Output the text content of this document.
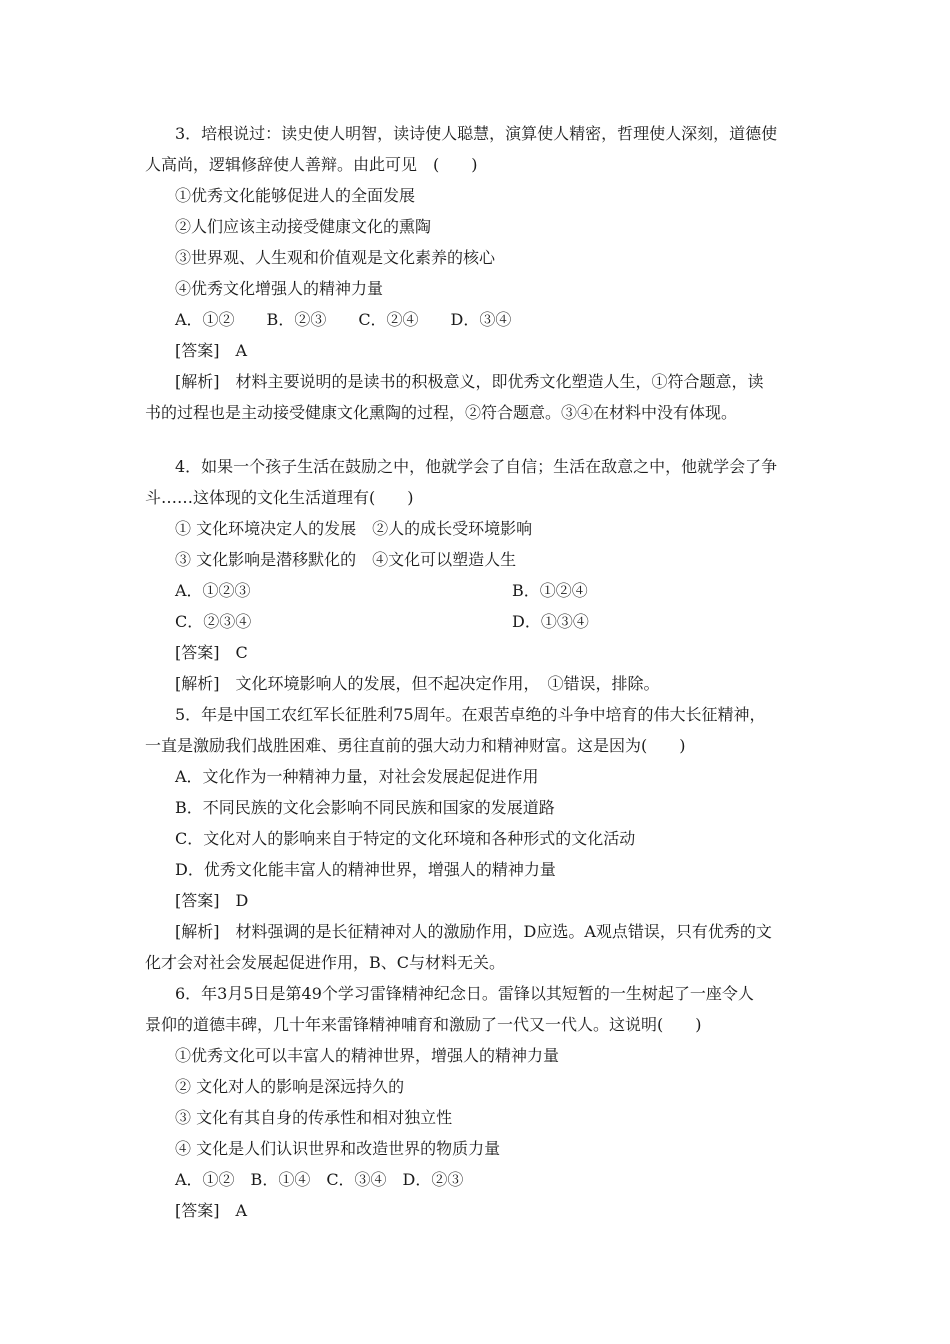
3．培根说过：读史使人明智，读诗使人聪慧，演算使人精密，哲理使人深刻，道德使
人高尚，逻辑修辞使人善辩。由此可见　(　　)
①优秀文化能够促进人的全面发展
②人们应该主动接受健康文化的熏陶
③世界观、人生观和价值观是文化素养的核心
④优秀文化增强人的精神力量
A．①②　　B．②③　　C．②④　　D．③④
[答案]　A
[解析]　材料主要说明的是读书的积极意义，即优秀文化塑造人生，①符合题意，读
书的过程也是主动接受健康文化熏陶的过程，②符合题意。③④在材料中没有体现。
4．如果一个孩子生活在鼓励之中，他就学会了自信；生活在敌意之中，他就学会了争
斗……这体现的文化生活道理有(　　)
① 文化环境决定人的发展　②人的成长受环境影响
③ 文化影响是潜移默化的　④文化可以塑造人生
A．①②③	B．①②④
C．②③④	D．①③④
[答案]　C
[解析]　文化环境影响人的发展，但不起决定作用，　①错误，排除。
5．年是中国工农红军长征胜利75周年。在艰苦卓绝的斗争中培育的伟大长征精神，
一直是激励我们战胜困难、勇往直前的强大动力和精神财富。这是因为(　　)
A．文化作为一种精神力量，对社会发展起促进作用
B．不同民族的文化会影响不同民族和国家的发展道路
C．文化对人的影响来自于特定的文化环境和各种形式的文化活动
D．优秀文化能丰富人的精神世界，增强人的精神力量
[答案]　D
[解析]　材料强调的是长征精神对人的激励作用，D应选。A观点错误，只有优秀的文
化才会对社会发展起促进作用，B、C与材料无关。
6．年3月5日是第49个学习雷锋精神纪念日。雷锋以其短暂的一生树起了一座令人
景仰的道德丰碑，几十年来雷锋精神哺育和激励了一代又一代人。这说明(　　)
①优秀文化可以丰富人的精神世界，增强人的精神力量
② 文化对人的影响是深远持久的
③ 文化有其自身的传承性和相对独立性
④ 文化是人们认识世界和改造世界的物质力量
A．①②　B．①④　C．③④　D．②③
[答案]　A
